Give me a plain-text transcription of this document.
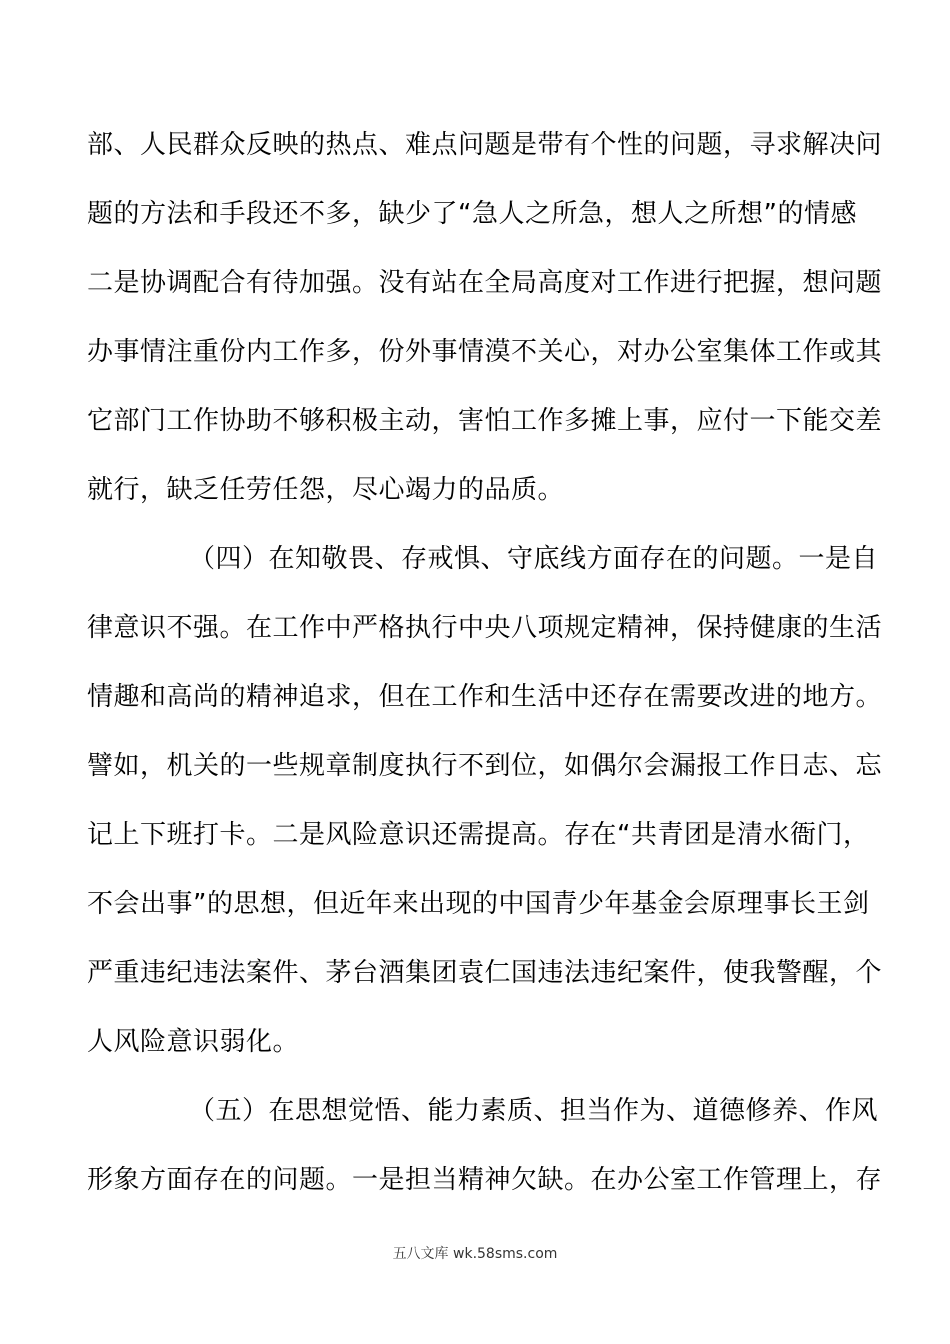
部、人民群众反映的热点、难点问题是带有个性的问题，寻求解决问
题的方法和手段还不多，缺少了“急人之所急，想人之所想”的情感
二是协调配合有待加强。没有站在全局高度对工作进行把握，想问题
办事情注重份内工作多，份外事情漠不关心，对办公室集体工作或其
它部门工作协助不够积极主动，害怕工作多摊上事，应付一下能交差
就行，缺乏任劳任怨，尽心竭力的品质。
（四）在知敬畏、存戒惧、守底线方面存在的问题。一是自
律意识不强。在工作中严格执行中央八项规定精神，保持健康的生活
情趣和高尚的精神追求，但在工作和生活中还存在需要改进的地方。
譬如，机关的一些规章制度执行不到位，如偶尔会漏报工作日志、忘
记上下班打卡。二是风险意识还需提高。存在“共青团是清水衙门，
不会出事”的思想，但近年来出现的中国青少年基金会原理事长王剑
严重违纪违法案件、茅台酒集团袁仁国违法违纪案件，使我警醒，个
人风险意识弱化。
（五）在思想觉悟、能力素质、担当作为、道德修养、作风
形象方面存在的问题。一是担当精神欠缺。在办公室工作管理上，存
五八文库 wk.58sms.com
